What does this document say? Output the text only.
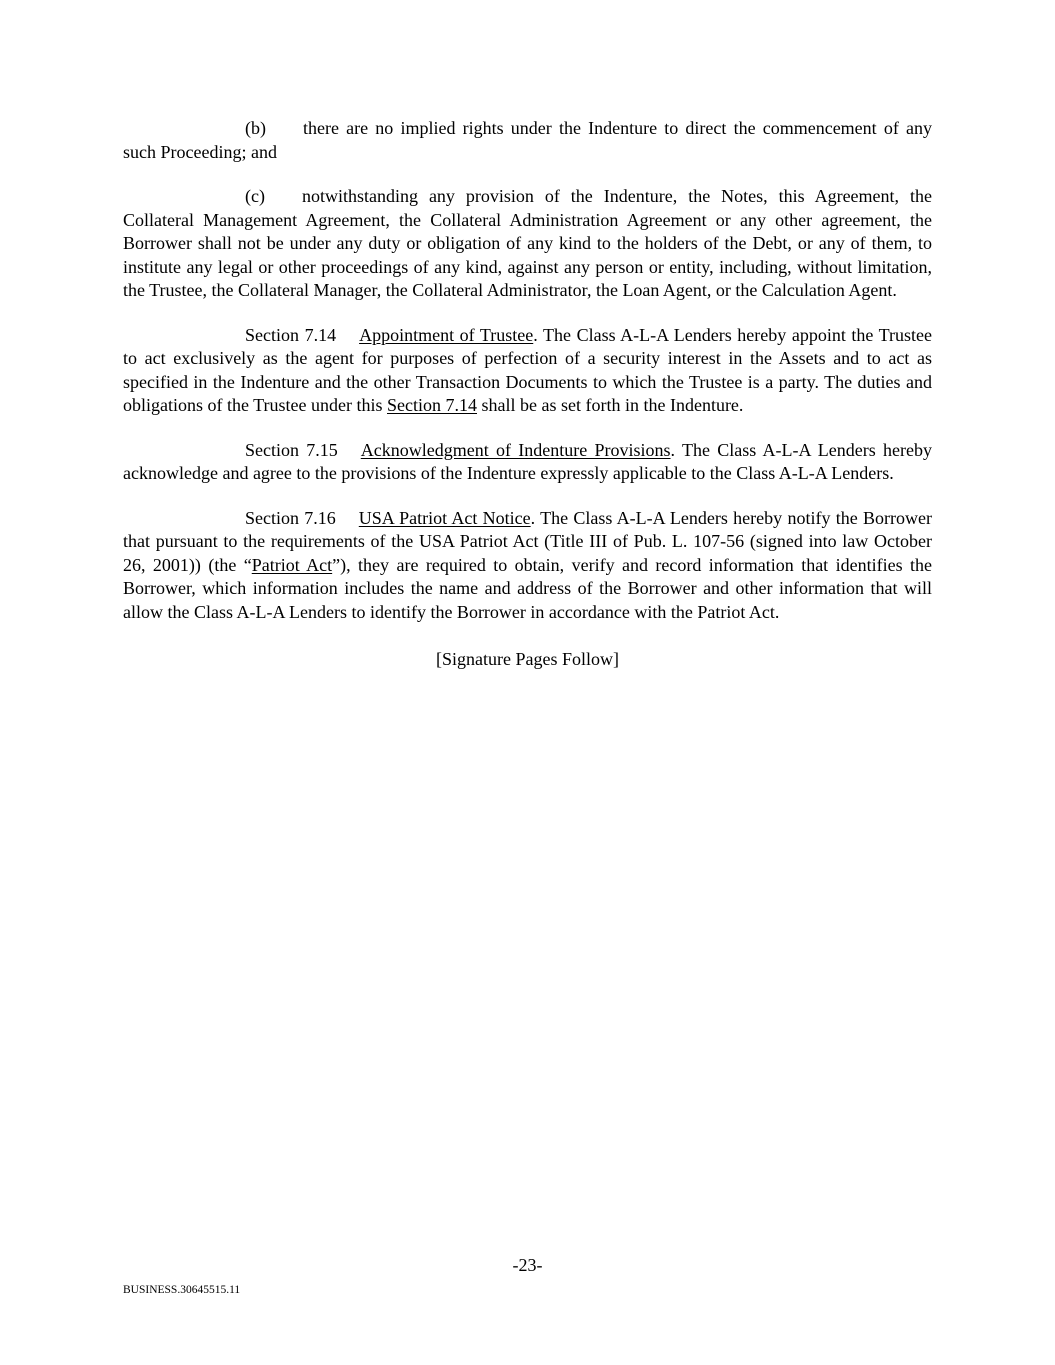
(b) there are no implied rights under the Indenture to direct the commencement of any such Proceeding; and

(c) notwithstanding any provision of the Indenture, the Notes, this Agreement, the Collateral Management Agreement, the Collateral Administration Agreement or any other agreement, the Borrower shall not be under any duty or obligation of any kind to the holders of the Debt, or any of them, to institute any legal or other proceedings of any kind, against any person or entity, including, without limitation, the Trustee, the Collateral Manager, the Collateral Administrator, the Loan Agent, or the Calculation Agent.

Section 7.14 Appointment of Trustee. The Class A-L-A Lenders hereby appoint the Trustee to act exclusively as the agent for purposes of perfection of a security interest in the Assets and to act as specified in the Indenture and the other Transaction Documents to which the Trustee is a party. The duties and obligations of the Trustee under this Section 7.14 shall be as set forth in the Indenture.

Section 7.15 Acknowledgment of Indenture Provisions. The Class A-L-A Lenders hereby acknowledge and agree to the provisions of the Indenture expressly applicable to the Class A-L-A Lenders.

Section 7.16 USA Patriot Act Notice. The Class A-L-A Lenders hereby notify the Borrower that pursuant to the requirements of the USA Patriot Act (Title III of Pub. L. 107-56 (signed into law October 26, 2001)) (the “Patriot Act”), they are required to obtain, verify and record information that identifies the Borrower, which information includes the name and address of the Borrower and other information that will allow the Class A-L-A Lenders to identify the Borrower in accordance with the Patriot Act.

[Signature Pages Follow]

-23-
BUSINESS.30645515.11
